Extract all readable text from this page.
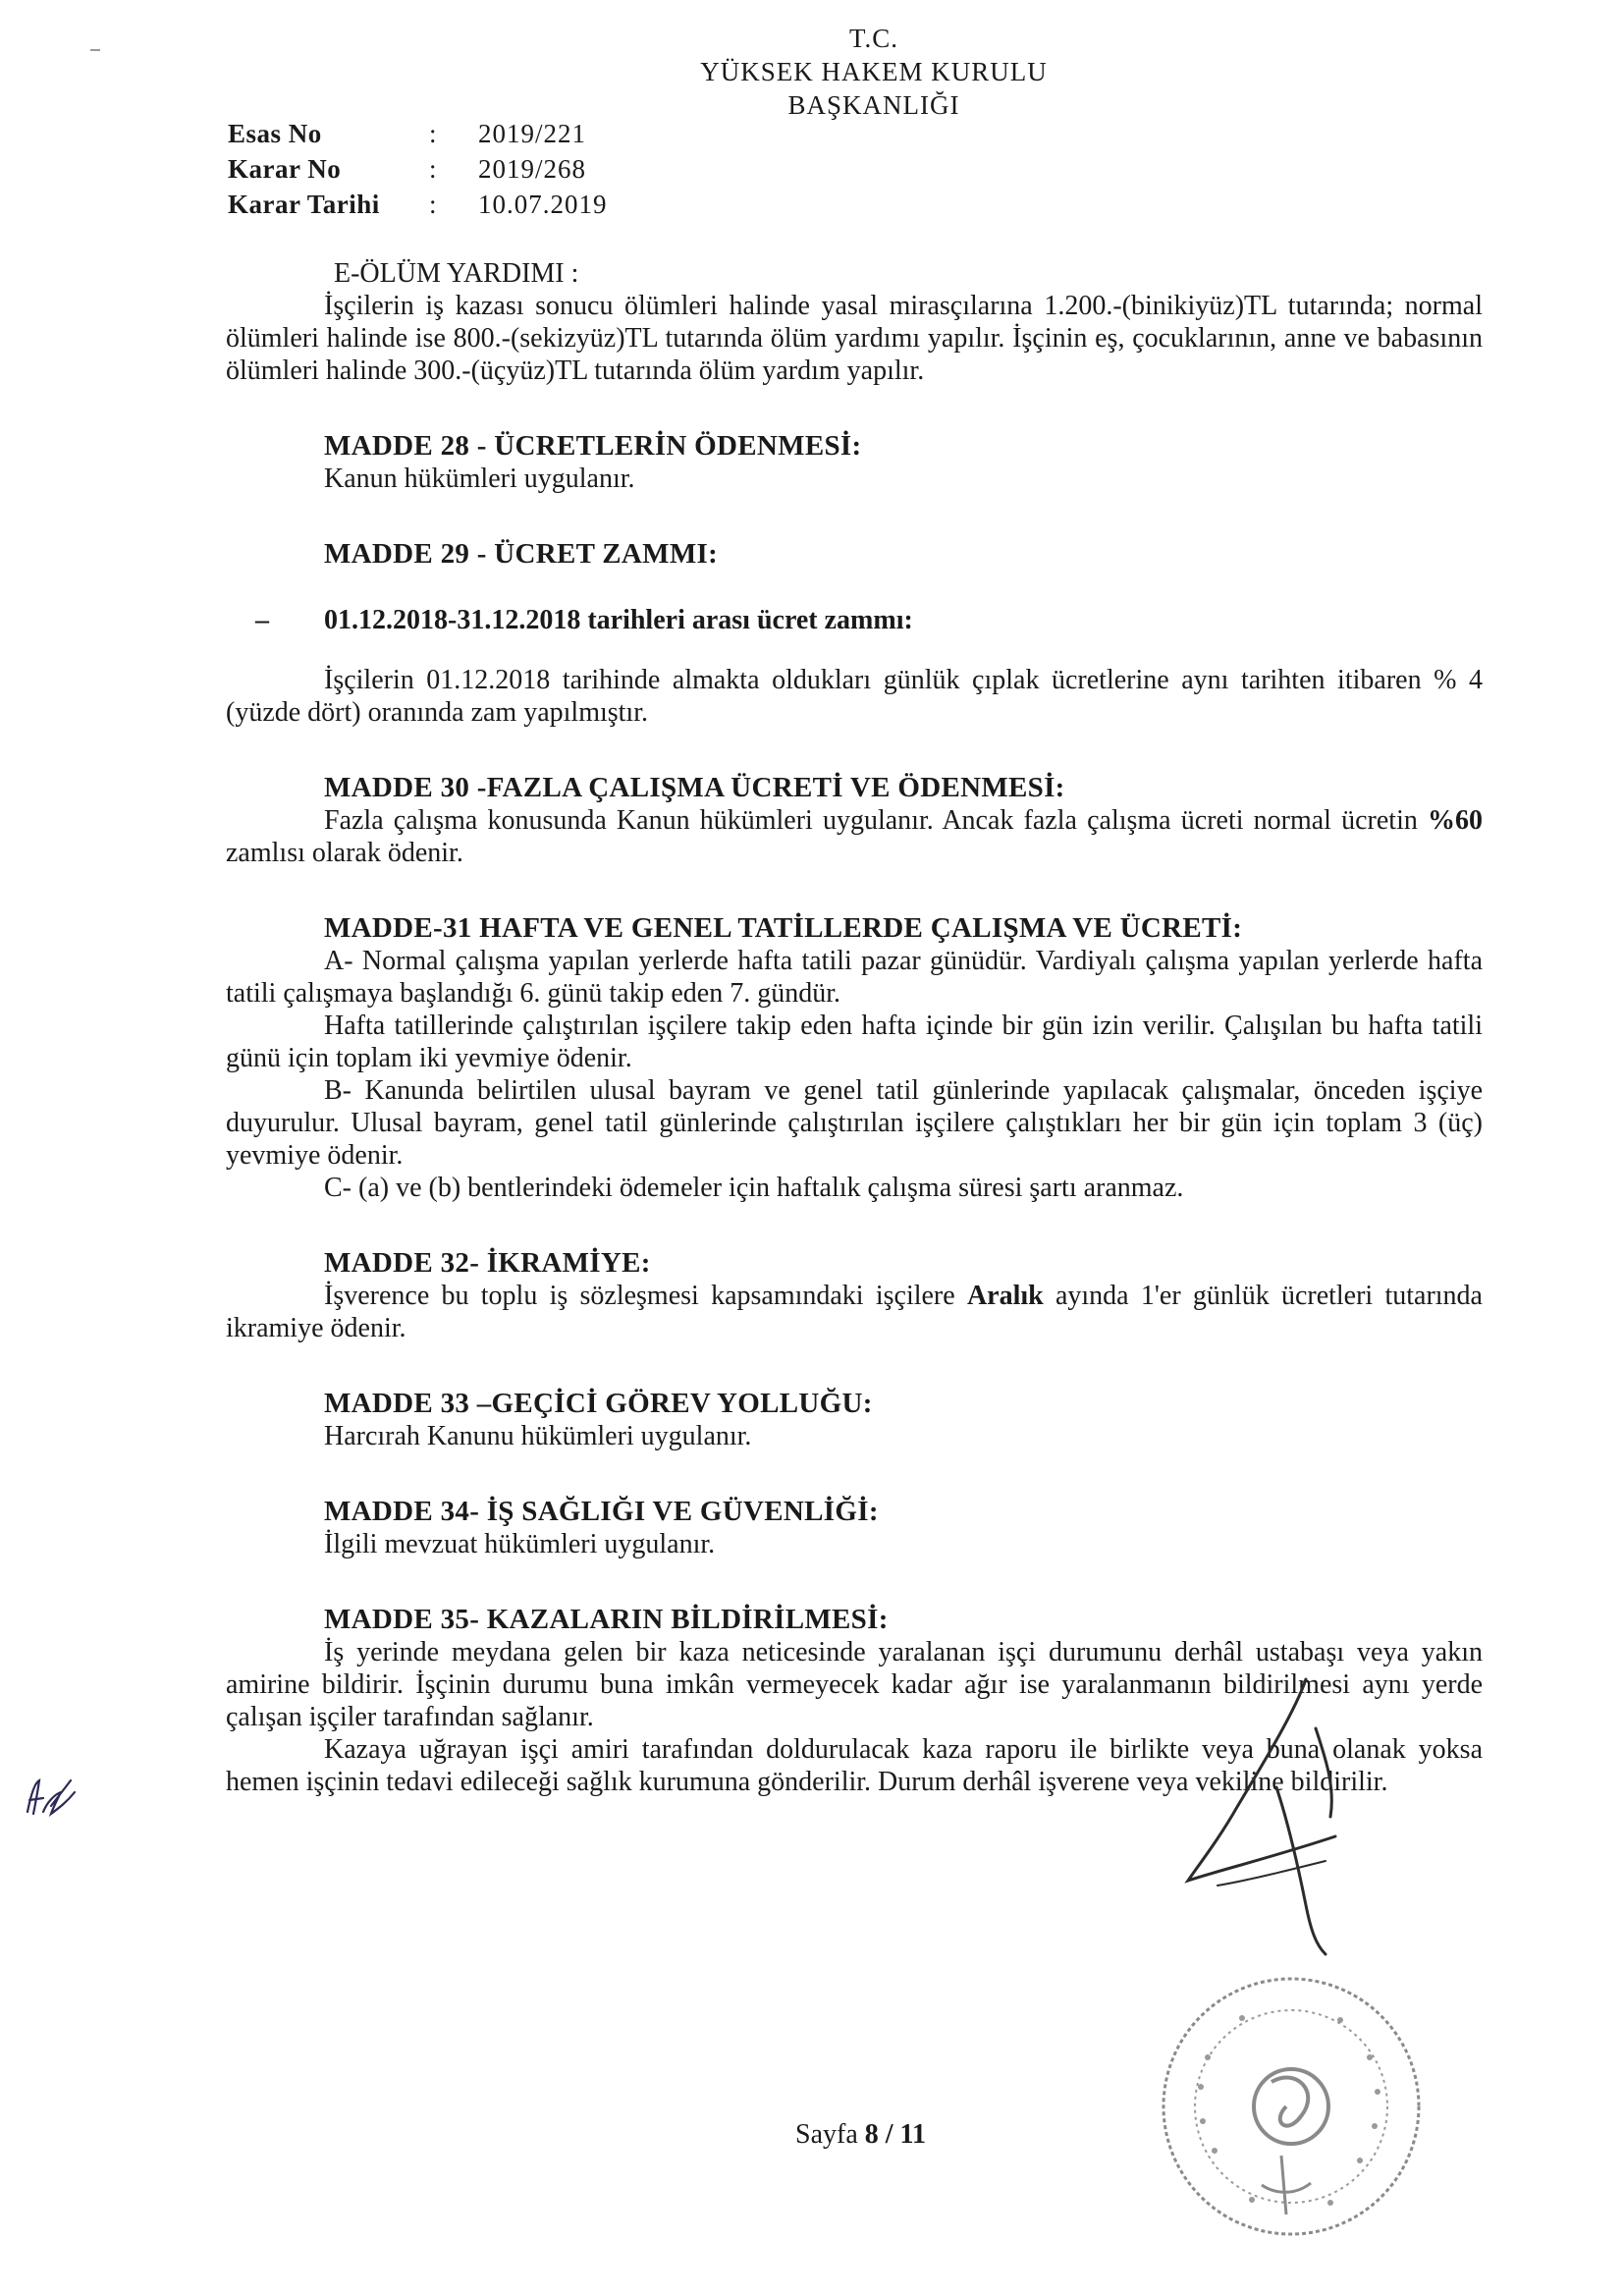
T.C.
YÜKSEK HAKEM KURULU
BAŞKANLIĞI
Esas No	:	2019/221
Karar No	:	2019/268
Karar Tarihi	:	10.07.2019

E-ÖLÜM YARDIMI :

İşçilerin iş kazası sonucu ölümleri halinde yasal mirasçılarına 1.200.-(binikiyüz)TL tutarında; normal ölümleri halinde ise 800.-(sekizyüz)TL tutarında ölüm yardımı yapılır. İşçinin eş, çocuklarının, anne ve babasının ölümleri halinde 300.-(üçyüz)TL tutarında ölüm yardım yapılır.

MADDE 28 - ÜCRETLERİN ÖDENMESİ:

Kanun hükümleri uygulanır.

MADDE 29 - ÜCRET ZAMMI:

– 01.12.2018-31.12.2018 tarihleri arası ücret zammı:

İşçilerin 01.12.2018 tarihinde almakta oldukları günlük çıplak ücretlerine aynı tarihten itibaren % 4 (yüzde dört) oranında zam yapılmıştır.

MADDE 30 -FAZLA ÇALIŞMA ÜCRETİ VE ÖDENMESİ:

Fazla çalışma konusunda Kanun hükümleri uygulanır. Ancak fazla çalışma ücreti normal ücretin %60 zamlısı olarak ödenir.

MADDE-31 HAFTA VE GENEL TATİLLERDE ÇALIŞMA VE ÜCRETİ:

A- Normal çalışma yapılan yerlerde hafta tatili pazar günüdür. Vardiyalı çalışma yapılan yerlerde hafta tatili çalışmaya başlandığı 6. günü takip eden 7. gündür.

Hafta tatillerinde çalıştırılan işçilere takip eden hafta içinde bir gün izin verilir. Çalışılan bu hafta tatili günü için toplam iki yevmiye ödenir.

B- Kanunda belirtilen ulusal bayram ve genel tatil günlerinde yapılacak çalışmalar, önceden işçiye duyurulur. Ulusal bayram, genel tatil günlerinde çalıştırılan işçilere çalıştıkları her bir gün için toplam 3 (üç) yevmiye ödenir.

C- (a) ve (b) bentlerindeki ödemeler için haftalık çalışma süresi şartı aranmaz.

MADDE 32- İKRAMİYE:

İşverence bu toplu iş sözleşmesi kapsamındaki işçilere Aralık ayında 1'er günlük ücretleri tutarında ikramiye ödenir.

MADDE 33 –GEÇİCİ GÖREV YOLLUĞU:

Harcırah Kanunu hükümleri uygulanır.

MADDE 34- İŞ SAĞLIĞI VE GÜVENLİĞİ:

İlgili mevzuat hükümleri uygulanır.

MADDE 35- KAZALARIN BİLDİRİLMESİ:

İş yerinde meydana gelen bir kaza neticesinde yaralanan işçi durumunu derhâl ustabaşı veya yakın amirine bildirir. İşçinin durumu buna imkân vermeyecek kadar ağır ise yaralanmanın bildirilmesi aynı yerde çalışan işçiler tarafından sağlanır.

Kazaya uğrayan işçi amiri tarafından doldurulacak kaza raporu ile birlikte veya buna olanak yoksa hemen işçinin tedavi edileceği sağlık kurumuna gönderilir. Durum derhâl işverene veya vekiline bildirilir.

Sayfa 8 / 11
